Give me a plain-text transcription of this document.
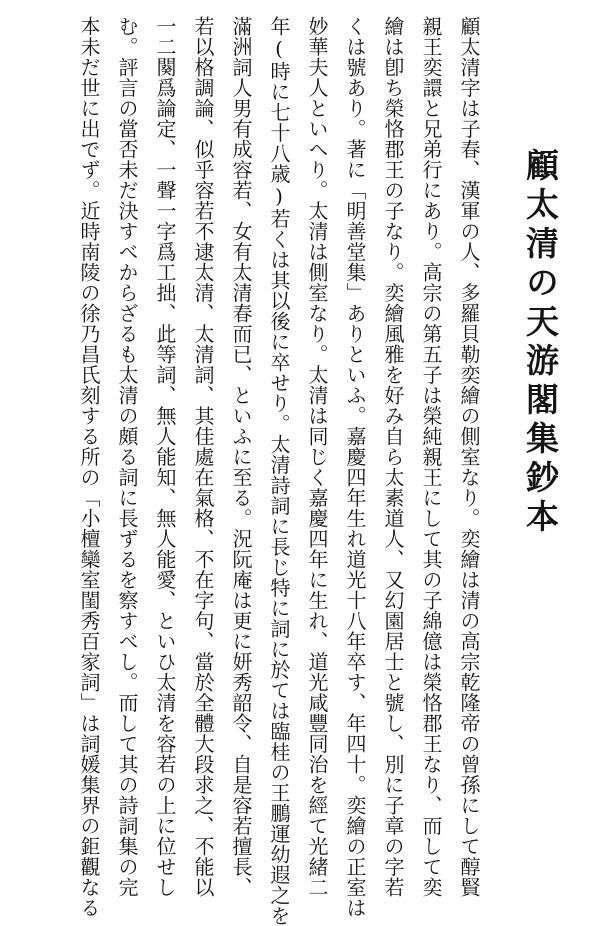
顧太清の天游閣集鈔本
顧太清字は子春、漢軍の人、多羅貝勒奕繪の側室なり。奕繪は清の高宗乾隆帝の曾孫にして醇賢
親王奕譞と兄弟行にあり。高宗の第五子は榮純親王にして其の子綿億は榮恪郡王なり、而して奕
繪は卽ち榮恪郡王の子なり。奕繪風雅を好み自ら太素道人、又幻園居士と號し、別に子章の字若
くは號あり。著に「明善堂集」ありといふ。嘉慶四年生れ道光十八年卒す、年四十。奕繪の正室は
妙華夫人といへり。太清は側室なり。太清は同じく嘉慶四年に生れ、道光咸豐同治を經て光緒二
年(時に七十八歳)若くは其以後に卒せり。太清詩詞に長じ特に詞に於ては臨桂の王鵬運幼遐之を
滿洲詞人男有成容若、女有太清春而已、といふに至る。況阮庵は更に妍秀韶令、自是容若擅長、
若以格調論、似乎容若不逮太清、太清詞、其佳處在氣格、不在字句、當於全體大段求之、不能以
一二闋爲論定、一聲一字爲工拙、此等詞、無人能知、無人能愛、といひ太清を容若の上に位せし
む。評言の當否未だ決すべからざるも太清の頗る詞に長ずるを察すべし。而して其の詩詞集の完
本未だ世に出でず。近時南陵の徐乃昌氏刻する所の「小檀欒室閨秀百家詞」は詞媛集界の鉅觀なる
